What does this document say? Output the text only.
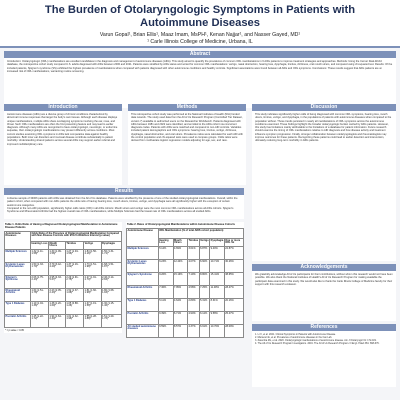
The Burden of Otolaryngologic Symptoms in Patients with Autoimmune Diseases
Varun Gopal¹, Brian Ellis¹, Maaz Imam, MsPH¹, Kenan Najjar¹, and Nasser Gayed, MD¹
¹ Carle Illinois College of Medicine, Urbana, IL
Abstract
Introduction: Otolaryngologic (ORL) manifestations are excellent candidates in the diagnosis and management of autoimmune diseases (AIDs). This study aimed to quantify the prevalence of common ORL manifestations in 6 AIDs patients to improve treatment strategies and approaches. Methods: Using the Cerner Real-World database, the retrospective cohort study compared U.S. adults diagnosed with AIDs between 2000 and 2021. Patients were stratified by AIDs status and sorted for common ORL manifestations: vertigo, nasal obstruction, hearing loss, dysphagia, tinnitus, dizziness, oral mouth ulcers, and compared using chi-squared test. Results: Of the included patients, Sjögren's syndrome (SS) exhibited the highest prevalence of manifestations when compared with patients diagnosed with other autoimmune conditions and healthy controls. Significant associations were found between all AIDs and ORL symptoms. Conclusions: These results suggest that AIDs patients are at increased risk of ORL manifestations, warranting routine screening.
Introduction
Autoimmune diseases (AIDs) are a diverse group of chronic conditions characterized by abnormal immune responses that target the body's own tissues. Although each disease displays unique manifestations, multiple AIDs share overlapping symptoms involving the ear, nose, and throat. Such ORL manifestations are often the first presenting feature and may lead to earlier diagnosis. Although many AIDs are recognized to have otolaryngologic, neurologic, or endocrine sequelae, their otolaryngologic manifestations may present differently across conditions. Most current studies examining ORL symptoms in AIDs lack comparative data against healthy populations. Both inner ear disorders and mucosal disease contribute substantially to patient morbidity. Understanding shared patterns across several AIDs may support earlier referral and improved multidisciplinary care.
Methods
This retrospective cohort study was performed at the National Institutes of Health (NIH) funded data network. The study used data from the All of Us Research Program (Controlled Tier Dataset, version 7) available to authorized users on the Researcher Workbench. Patients diagnosed with AIDs between 1981 and 2022 were identified, and enrolled to the AIDs cohort via concurrent diagnosis codes. Patients with AIDs were matched and compared to non-AID controls. Variables included patient demographics and ORL symptoms: hearing loss, tinnitus, vertigo, dizziness, dysphagia, nasal obstruction, and oral ulcers. Prevalence ratios were calculated for each AID with the control population and chi-squared tests were used to compare groups. Odds ratios were derived from multivariate logistic regression models adjusting for age, sex, and race.
Discussion
This study indicates significantly higher odds of being diagnosed with common ORL symptoms, hearing loss, mouth ulcers, tinnitus, vertigo, and dysphagia, in the populations of patients with autoimmune diseases when compared to the population without. Those trends persisted in nearly all manifestations of ORL symptoms across the autoimmune conditions examined. These findings highlight the broader otolaryngologic burden carried by AIDs patients. However, this study has limitations mainly attributable to the limitations of a database for patient information. Future research should examine the timing of ORL manifestations relative to AID diagnosis and how disease activity and treatment influence symptom progression. Finally, stronger collaboration between otolaryngologists and rheumatologists may improve outcomes for these patients. Recognizing these patterns could lead to earlier detection and intervention, ultimately reducing long-term morbidity in AIDs patients.
Acknowledgements
We gratefully acknowledge All of Us participants for their contributions, without whom this research would not have been possible. We also thank the National Institutes of Health's All of Us Research Program for making available the participant data examined in this study. We would also like to thank the Carle Illinois College of Medicine faculty for their support with this research endeavor.
References
1. Li X, et al. 2021. Clinical Symptoms in Patients with Autoimmune Disease.
2. Mansouri E, et al. Prevalence of autoimmune diseases in the Iran Lab.
3. Zaremba ML, et al. 2020. Otolaryngologic manifestations of autoimmune disease. Am J Otolaryngol 31: 172-181.
4. The All of Us Research Program Investigators. 2019. The All of Us Research Program. N Engl J Med 381: 668-676.
Results
A diverse sample of 33006 patients with AIDs was obtained from the All of Us database. Patients were stratified by the presence of one of the studied otolaryngological manifestations. Overall, within the patient cohort, when compared with non-AIDs patients the odds ratio of having hearing loss, mouth ulcers, tinnitus, vertigo, and dysphagia were all significantly higher with the exception of certain autoimmune categories.
Compared to the non-AID population, significantly higher odds ratios (OR) in all AIDs cohorts: Mouth ulcers and vertigo were the most common ORL manifestations across all AIDs cohorts. Sjögren's Syndrome and Rheumatoid Arthritis had the highest overall rate of ORL manifestations, while Multiple Sclerosis had the lowest rate of ORL manifestations across all studied AIDs.
Table 1. Odds Ratio of Having a Diagnosed Otolaryngological Manifestation in Autoimmune Disease Patients
Autoimmune Diseases	Odds Ratio of the Presence of Otolaryngological Manifestation Compared with Non-Disease Controls with 95% Confidence Interval (p-value)				
	Hearing Loss	Mouth Ulcers	Tinnitus	Vertigo	Dysphagia
Multiple Sclerosis	1.32 (1.11-1.58)*	1.30 (1.09-1.56)*	1.27 (1.04-1.56)*	1.84 (1.56-2.16)*	1.50 (1.31-1.72)*
Systemic Lupus Erythematosus	1.50 (1.33-1.70)*	3.79 (3.42-4.20)*	1.37 (1.16-1.62)*	1.73 (1.51-1.98)*	1.68 (1.51-1.87)*
Sjögren's Syndrome	2.06 (1.75-2.43)*	4.95 (4.33-5.67)*	2.29 (1.91-2.75)*	2.27 (1.91-2.70)*	2.46 (2.14-2.83)*
Rheumatoid Arthritis	1.64 (1.51-1.78)*	2.23 (2.05-2.43)*	1.52 (1.37-1.68)*	1.81 (1.66-1.98)*	1.80 (1.68-1.93)*
Type 1 Diabetes	1.19 (1.04-1.36)*	1.38 (1.20-1.60)*	1.05 (0.88-1.26)	1.37 (1.19-1.58)*	1.30 (1.15-1.46)*
Psoriatic Arthritis	1.45 (1.22-1.72)*	1.94 (1.64-2.30)*	1.61 (1.32-1.96)*	1.55 (1.28-1.88)*	1.51 (1.29-1.76)*
* = p-value < 0.05
Table 2. Rates of Otolaryngological Manifestations within Autoimmune Disease Cohorts
Autoimmune Disease	ORL Manifestation (% of total AIDS cohort population)					
	Hearing Loss	Mouth Ulcers	Tinnitus	Vertigo	Dysphagia	One or more ORL Sx
Multiple Sclerosis	5.14%	4.69%	3.61%	6.87%	9.40%	22.87%
Systemic Lupus Erythematosus	6.23%	12.44%	4.07%	6.60%	10.71%	30.26%
Sjögren's Syndrome	9.26%	15.19%	7.19%	8.80%	15.41%	38.65%
Rheumatoid Arthritis	7.36%	7.95%	4.58%	7.25%	11.08%	28.47%
Type 1 Diabetes	5.11%	4.64%	2.89%	5.31%	8.31%	20.16%
Psoriatic Arthritis	6.39%	6.71%	4.90%	6.12%	9.58%	25.47%
All studied autoimmune diseases	6.59%	8.57%	4.37%	6.91%	10.76%	28.09%
